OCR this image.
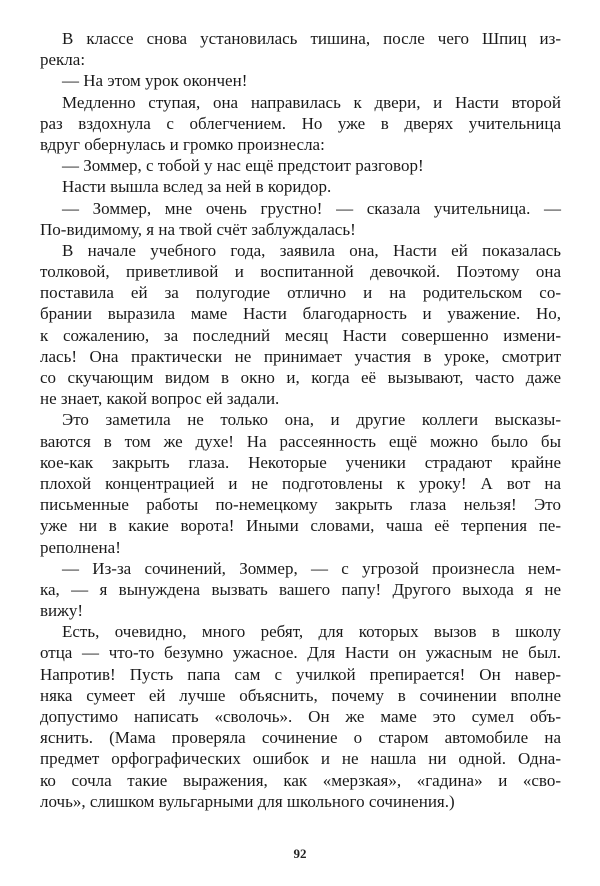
В классе снова установилась тишина, после чего Шпиц из-
рекла:
— На этом урок окончен!
Медленно ступая, она направилась к двери, и Насти второй
раз вздохнула с облегчением. Но уже в дверях учительница
вдруг обернулась и громко произнесла:
— Зоммер, с тобой у нас ещё предстоит разговор!
Насти вышла вслед за ней в коридор.
— Зоммер, мне очень грустно! — сказала учительница. —
По-видимому, я на твой счёт заблуждалась!
В начале учебного года, заявила она, Насти ей показалась
толковой, приветливой и воспитанной девочкой. Поэтому она
поставила ей за полугодие отлично и на родительском со-
брании выразила маме Насти благодарность и уважение. Но,
к сожалению, за последний месяц Насти совершенно измени-
лась! Она практически не принимает участия в уроке, смотрит
со скучающим видом в окно и, когда её вызывают, часто даже
не знает, какой вопрос ей задали.
Это заметила не только она, и другие коллеги высказы-
ваются в том же духе! На рассеянность ещё можно было бы
кое-как закрыть глаза. Некоторые ученики страдают крайне
плохой концентрацией и не подготовлены к уроку! А вот на
письменные работы по-немецкому закрыть глаза нельзя! Это
уже ни в какие ворота! Иными словами, чаша её терпения пе-
реполнена!
— Из-за сочинений, Зоммер, — с угрозой произнесла нем-
ка, — я вынуждена вызвать вашего папу! Другого выхода я не
вижу!
Есть, очевидно, много ребят, для которых вызов в школу
отца — что-то безумно ужасное. Для Насти он ужасным не был.
Напротив! Пусть папа сам с училкой препирается! Он навер-
няка сумеет ей лучше объяснить, почему в сочинении вполне
допустимо написать «сволочь». Он же маме это сумел объ-
яснить. (Мама проверяла сочинение о старом автомобиле на
предмет орфографических ошибок и не нашла ни одной. Одна-
ко сочла такие выражения, как «мерзкая», «гадина» и «сво-
лочь», слишком вульгарными для школьного сочинения.)
92
